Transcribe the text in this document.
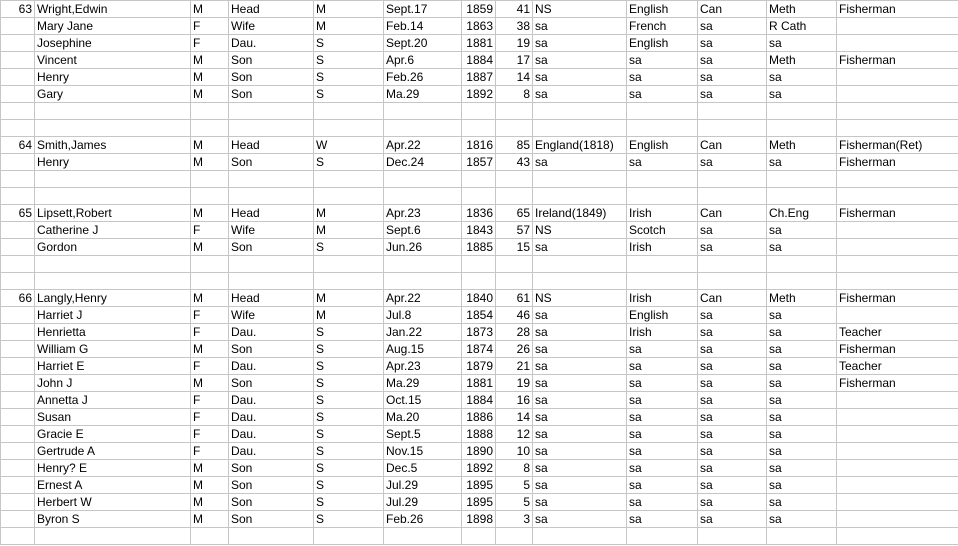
63	Wright,Edwin	M	Head	M	Sept.17	1859	41	NS	English	Can	Meth	Fisherman
	Mary Jane	F	Wife	M	Feb.14	1863	38	sa	French	sa	R Cath	
	Josephine	F	Dau.	S	Sept.20	1881	19	sa	English	sa	sa	
	Vincent	M	Son	S	Apr.6	1884	17	sa	sa	sa	Meth	Fisherman
	Henry	M	Son	S	Feb.26	1887	14	sa	sa	sa	sa	
	Gary	M	Son	S	Ma.29	1892	8	sa	sa	sa	sa	

64	Smith,James	M	Head	W	Apr.22	1816	85	England(1818)	English	Can	Meth	Fisherman(Ret)
	Henry	M	Son	S	Dec.24	1857	43	sa	sa	sa	sa	Fisherman

65	Lipsett,Robert	M	Head	M	Apr.23	1836	65	Ireland(1849)	Irish	Can	Ch.Eng	Fisherman
	Catherine J	F	Wife	M	Sept.6	1843	57	NS	Scotch	sa	sa	
	Gordon	M	Son	S	Jun.26	1885	15	sa	Irish	sa	sa	

66	Langly,Henry	M	Head	M	Apr.22	1840	61	NS	Irish	Can	Meth	Fisherman
	Harriet J	F	Wife	M	Jul.8	1854	46	sa	English	sa	sa	
	Henrietta	F	Dau.	S	Jan.22	1873	28	sa	Irish	sa	sa	Teacher
	William G	M	Son	S	Aug.15	1874	26	sa	sa	sa	sa	Fisherman
	Harriet E	F	Dau.	S	Apr.23	1879	21	sa	sa	sa	sa	Teacher
	John J	M	Son	S	Ma.29	1881	19	sa	sa	sa	sa	Fisherman
	Annetta J	F	Dau.	S	Oct.15	1884	16	sa	sa	sa	sa	
	Susan	F	Dau.	S	Ma.20	1886	14	sa	sa	sa	sa	
	Gracie E	F	Dau.	S	Sept.5	1888	12	sa	sa	sa	sa	
	Gertrude A	F	Dau.	S	Nov.15	1890	10	sa	sa	sa	sa	
	Henry? E	M	Son	S	Dec.5	1892	8	sa	sa	sa	sa	
	Ernest A	M	Son	S	Jul.29	1895	5	sa	sa	sa	sa	
	Herbert W	M	Son	S	Jul.29	1895	5	sa	sa	sa	sa	
	Byron S	M	Son	S	Feb.26	1898	3	sa	sa	sa	sa	
